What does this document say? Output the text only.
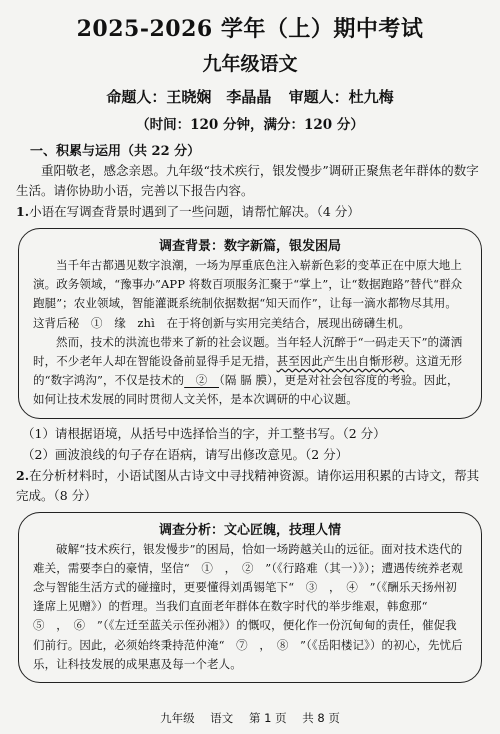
2025-2026 学年（上）期中考试
九年级语文
命题人：王晓娴　李晶晶 审题人：杜九梅
（时间：120 分钟，满分：120 分）
一、积累与运用（共 22 分）

重阳敬老，感念亲恩。九年级“技术疾行，银发慢步”调研正聚焦老年群体的数字生活。请你协助小语，完善以下报告内容。

1.小语在写调查背景时遇到了一些问题，请帮忙解决。（4 分）

调查背景：数字新篇，银发困局

当千年古都遇见数字浪潮，一场为厚重底色注入崭新色彩的变革正在中原大地上演。政务领域，“豫事办”APP 将数百项服务汇聚于“掌上”，让“数据跑路”替代“群众跑腿”；农业领域，智能灌溉系统制依据数据“知天而作”，让每一滴水都物尽其用。这背后秘　①　缘　zhì　在于将创新与实用完美结合，展现出磅礴生机。

然而，技术的洪流也带来了新的社会议题。当年轻人沉醉于“一码走天下”的潇洒时，不少老年人却在智能设备前显得手足无措，甚至因此产生出自惭形秽。这道无形的“数字鸿沟”，不仅是技术的　②　（隔 膈 膜），更是对社会包容度的考验。因此，如何让技术发展的同时贯彻人文关怀，是本次调研的中心议题。

（1）请根据语境，从括号中选择恰当的字，并工整书写。（2 分）

（2）画波浪线的句子存在语病，请写出修改意见。（2 分）

2.在分析材料时，小语试图从古诗文中寻找精神资源。请你运用积累的古诗文，帮其完成。（8 分）

调查分析：文心匠魄，技理人情

破解“技术疾行，银发慢步”的困局，恰如一场跨越关山的远征。面对技术迭代的难关，需要李白的豪情，坚信“　①　，　②　”（《行路难（其一）》）；遭遇传统养老观念与智能生活方式的碰撞时，更要懂得刘禹锡笔下“　③　，　④　”（《酬乐天扬州初逢席上见赠》）的哲理。当我们直面老年群体在数字时代的举步维艰，韩愈那“　⑤　，　⑥　”（《左迁至蓝关示侄孙湘》）的慨叹，便化作一份沉甸甸的责任，催促我们前行。因此，必须始终秉持范仲淹“　⑦　，　⑧　”（《岳阳楼记》）的初心，先忧后乐，让科技发展的成果惠及每一个老人。

九年级 语文 第 1 页 共 8 页
